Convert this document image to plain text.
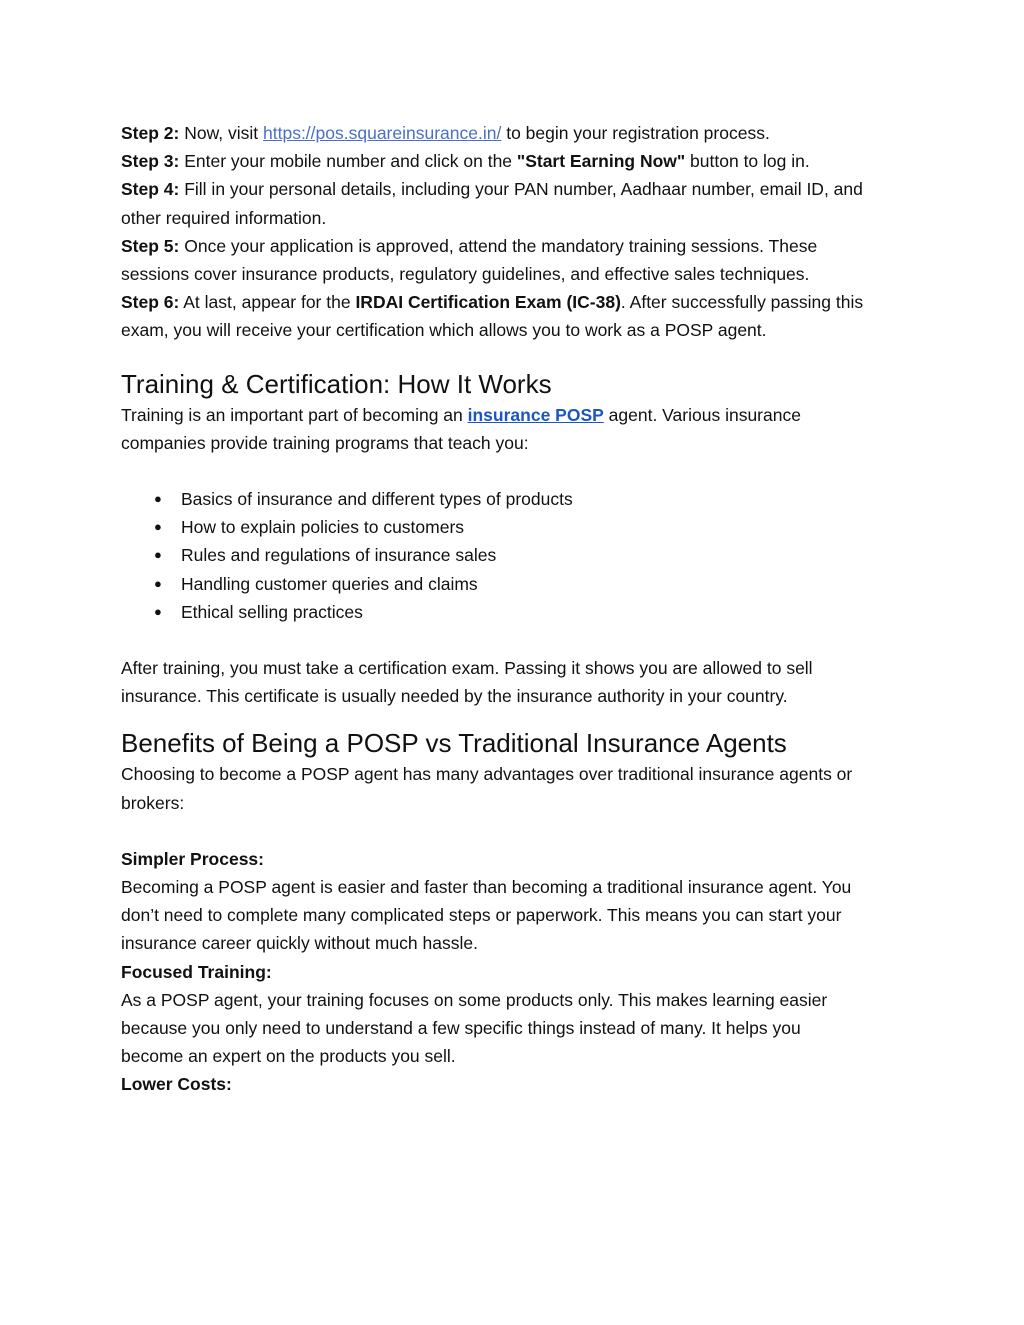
Step 2: Now, visit https://pos.squareinsurance.in/ to begin your registration process.
Step 3: Enter your mobile number and click on the "Start Earning Now" button to log in.
Step 4: Fill in your personal details, including your PAN number, Aadhaar number, email ID, and
other required information.
Step 5: Once your application is approved, attend the mandatory training sessions. These
sessions cover insurance products, regulatory guidelines, and effective sales techniques.
Step 6: At last, appear for the IRDAI Certification Exam (IC-38). After successfully passing this
exam, you will receive your certification which allows you to work as a POSP agent.
Training & Certification: How It Works
Training is an important part of becoming an insurance POSP agent. Various insurance
companies provide training programs that teach you:
● Basics of insurance and different types of products
● How to explain policies to customers
● Rules and regulations of insurance sales
● Handling customer queries and claims
● Ethical selling practices
After training, you must take a certification exam. Passing it shows you are allowed to sell
insurance. This certificate is usually needed by the insurance authority in your country.
Benefits of Being a POSP vs Traditional Insurance Agents
Choosing to become a POSP agent has many advantages over traditional insurance agents or
brokers:
Simpler Process:
Becoming a POSP agent is easier and faster than becoming a traditional insurance agent. You
don’t need to complete many complicated steps or paperwork. This means you can start your
insurance career quickly without much hassle.
Focused Training:
As a POSP agent, your training focuses on some products only. This makes learning easier
because you only need to understand a few specific things instead of many. It helps you
become an expert on the products you sell.
Lower Costs:
